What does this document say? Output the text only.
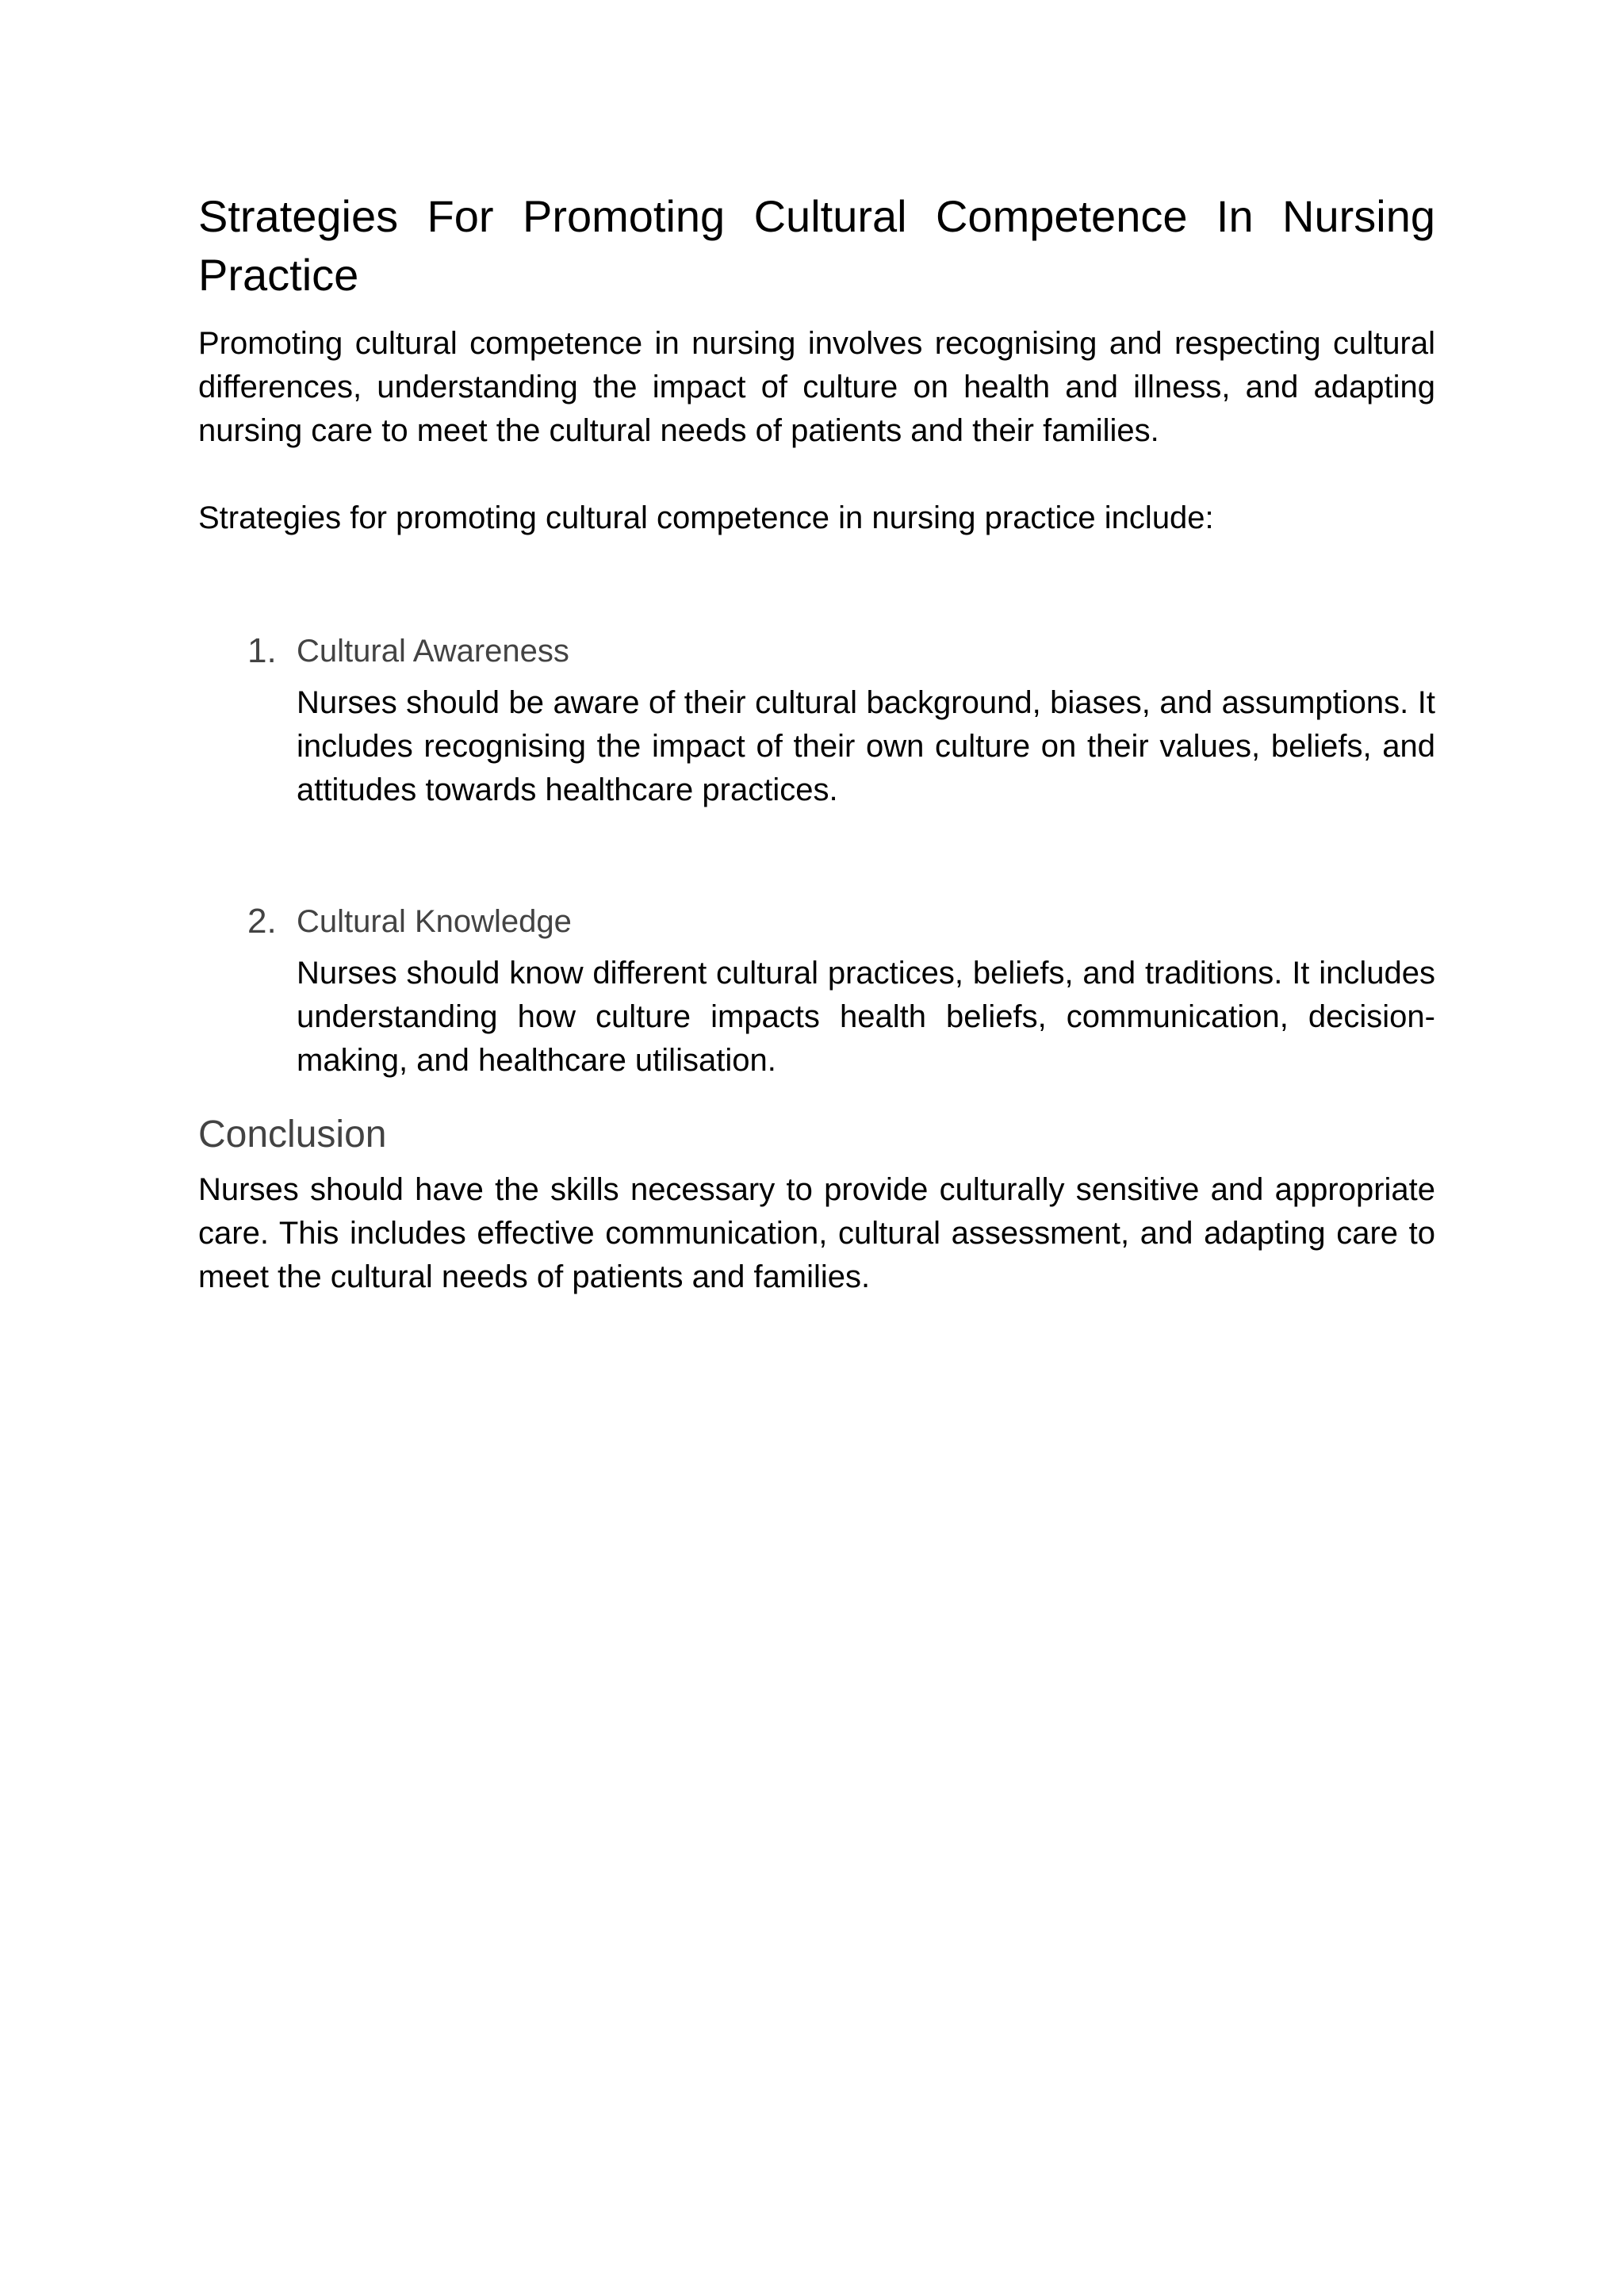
Strategies For Promoting Cultural Competence In Nursing Practice

Promoting cultural competence in nursing involves recognising and respecting cultural differences, understanding the impact of culture on health and illness, and adapting nursing care to meet the cultural needs of patients and their families.

Strategies for promoting cultural competence in nursing practice include:

1. Cultural Awareness

Nurses should be aware of their cultural background, biases, and assumptions. It includes recognising the impact of their own culture on their values, beliefs, and attitudes towards healthcare practices.

2. Cultural Knowledge

Nurses should know different cultural practices, beliefs, and traditions. It includes understanding how culture impacts health beliefs, communication, decision-making, and healthcare utilisation.

Conclusion

Nurses should have the skills necessary to provide culturally sensitive and appropriate care. This includes effective communication, cultural assessment, and adapting care to meet the cultural needs of patients and families.
